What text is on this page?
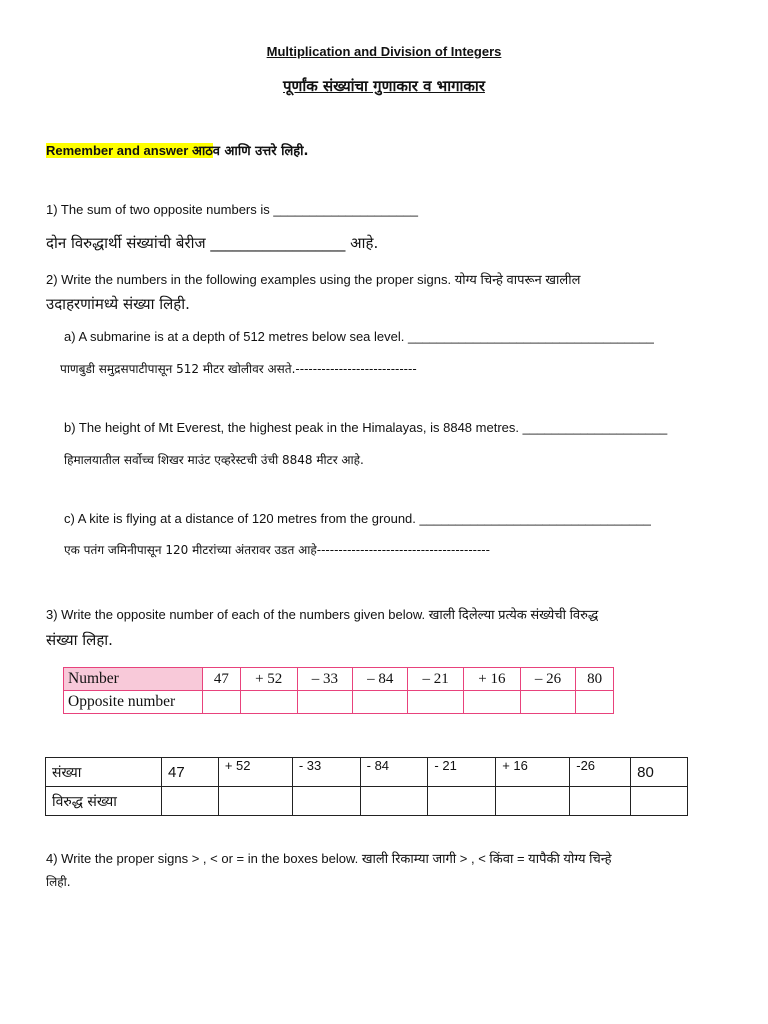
Multiplication and Division of Integers
पूर्णांक संख्यांचा गुणाकार व भागाकार
Remember and answer आठव आणि उत्तरे लिही.
1) The sum of two opposite numbers is ____________________
दोन विरुद्धार्थी संख्यांची बेरीज __________________ आहे.
2) Write the numbers in the following examples using the proper signs. योग्य चिन्हे वापरून खालील
उदाहरणांमध्ये संख्या लिही.
a) A submarine is at a depth of 512 metres below sea level. __________________________________
पाणबुडी समुद्रसपाटीपासून 512 मीटर खोलीवर असते.----------------------------
b) The height of Mt Everest, the highest peak in the Himalayas, is 8848 metres. ____________________
हिमालयातील सर्वोच्च शिखर माउंट एव्हरेस्टची उंची 8848 मीटर आहे.
c) A kite is flying at a distance of 120 metres from the ground. ________________________________
एक पतंग जमिनीपासून 120 मीटरांच्या अंतरावर उडत आहे----------------------------------------
3) Write the opposite number of each of the numbers given below. खाली दिलेल्या प्रत्येक संख्येची विरुद्ध
संख्या लिहा.
Number	47	+ 52	– 33	– 84	– 21	+ 16	– 26	80
Opposite number								
संख्या	47	+ 52	- 33	- 84	- 21	+ 16	-26	80
विरुद्ध संख्या								
4) Write the proper signs > , < or = in the boxes below. खाली रिकाम्या जागी > , < किंवा = यापैकी योग्य चिन्हे
लिही.
